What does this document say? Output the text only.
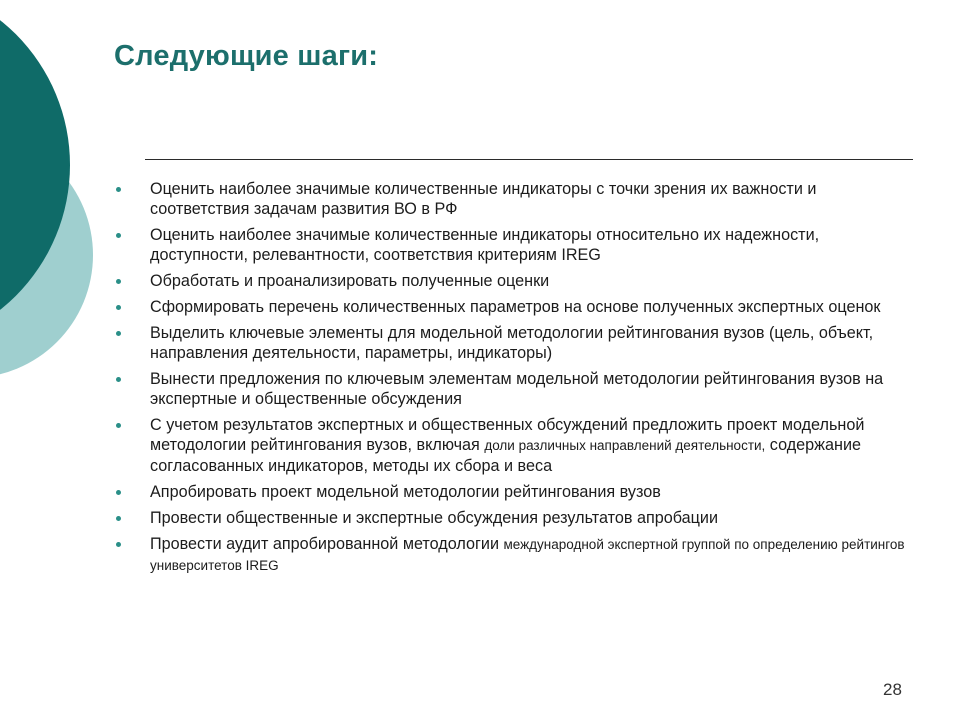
Следующие шаги:
Оценить наиболее значимые количественные индикаторы с точки зрения их важности и соответствия задачам развития ВО в РФ
Оценить наиболее значимые количественные индикаторы относительно их надежности, доступности, релевантности, соответствия критериям IREG
Обработать и проанализировать полученные оценки
Сформировать перечень количественных параметров на основе полученных экспертных оценок
Выделить ключевые элементы для модельной методологии рейтингования вузов (цель, объект, направления деятельности, параметры, индикаторы)
Вынести предложения по ключевым элементам модельной методологии рейтингования вузов на экспертные и общественные обсуждения
С учетом результатов экспертных и общественных обсуждений предложить проект модельной методологии рейтингования вузов, включая доли различных направлений деятельности, содержание согласованных индикаторов, методы их сбора и веса
Апробировать проект модельной методологии рейтингования вузов
Провести общественные и экспертные обсуждения результатов апробации
Провести аудит апробированной методологии международной экспертной группой по определению рейтингов университетов IREG
28
